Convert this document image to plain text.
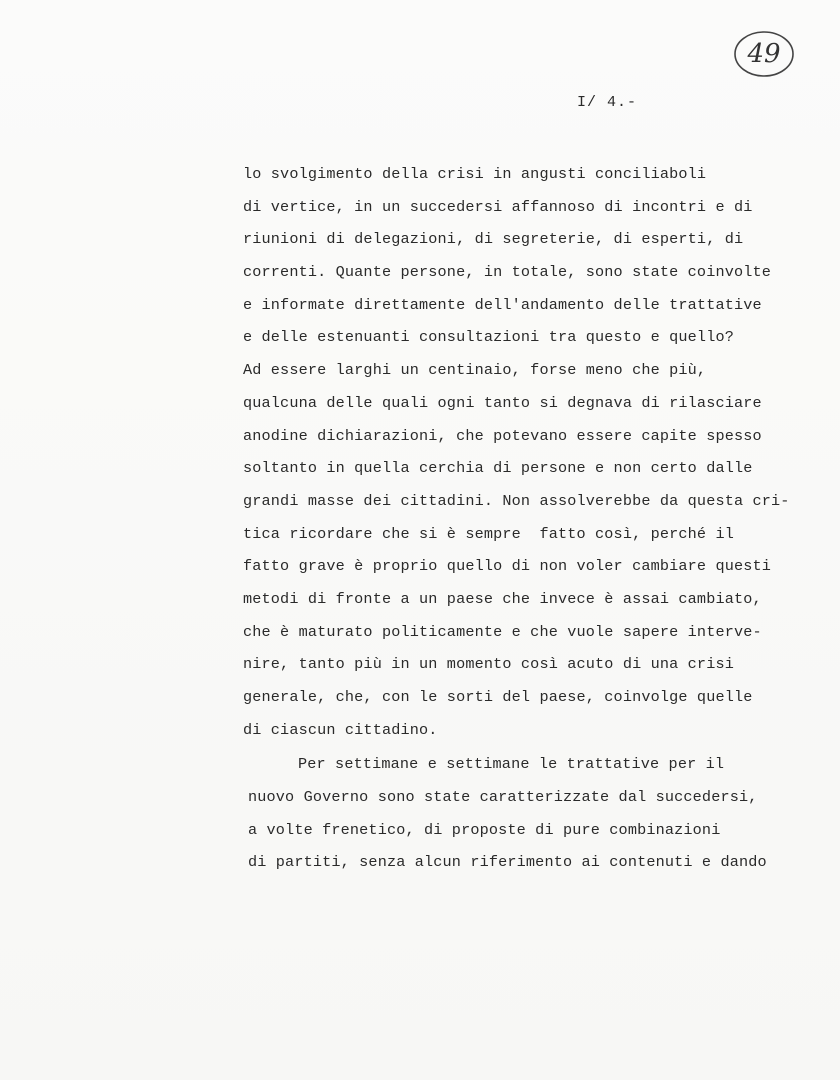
49
I/ 4.-
lo svolgimento della crisi in angusti conciliaboli
di vertice, in un succedersi affannoso di incontri e di
riunioni di delegazioni, di segreterie, di esperti, di
correnti. Quante persone, in totale, sono state coinvolte
e informate direttamente dell'andamento delle trattative
e delle estenuanti consultazioni tra questo e quello?
Ad essere larghi un centinaio, forse meno che più,
qualcuna delle quali ogni tanto si degnava di rilasciare
anodine dichiarazioni, che potevano essere capite spesso
soltanto in quella cerchia di persone e non certo dalle
grandi masse dei cittadini. Non assolverebbe da questa cri-
tica ricordare che si è sempre  fatto così, perché il
fatto grave è proprio quello di non voler cambiare questi
metodi di fronte a un paese che invece è assai cambiato,
che è maturato politicamente e che vuole sapere interve-
nire, tanto più in un momento così acuto di una crisi
generale, che, con le sorti del paese, coinvolge quelle
di ciascun cittadino.
Per settimane e settimane le trattative per il
nuovo Governo sono state caratterizzate dal succedersi,
a volte frenetico, di proposte di pure combinazioni
di partiti, senza alcun riferimento ai contenuti e dando
